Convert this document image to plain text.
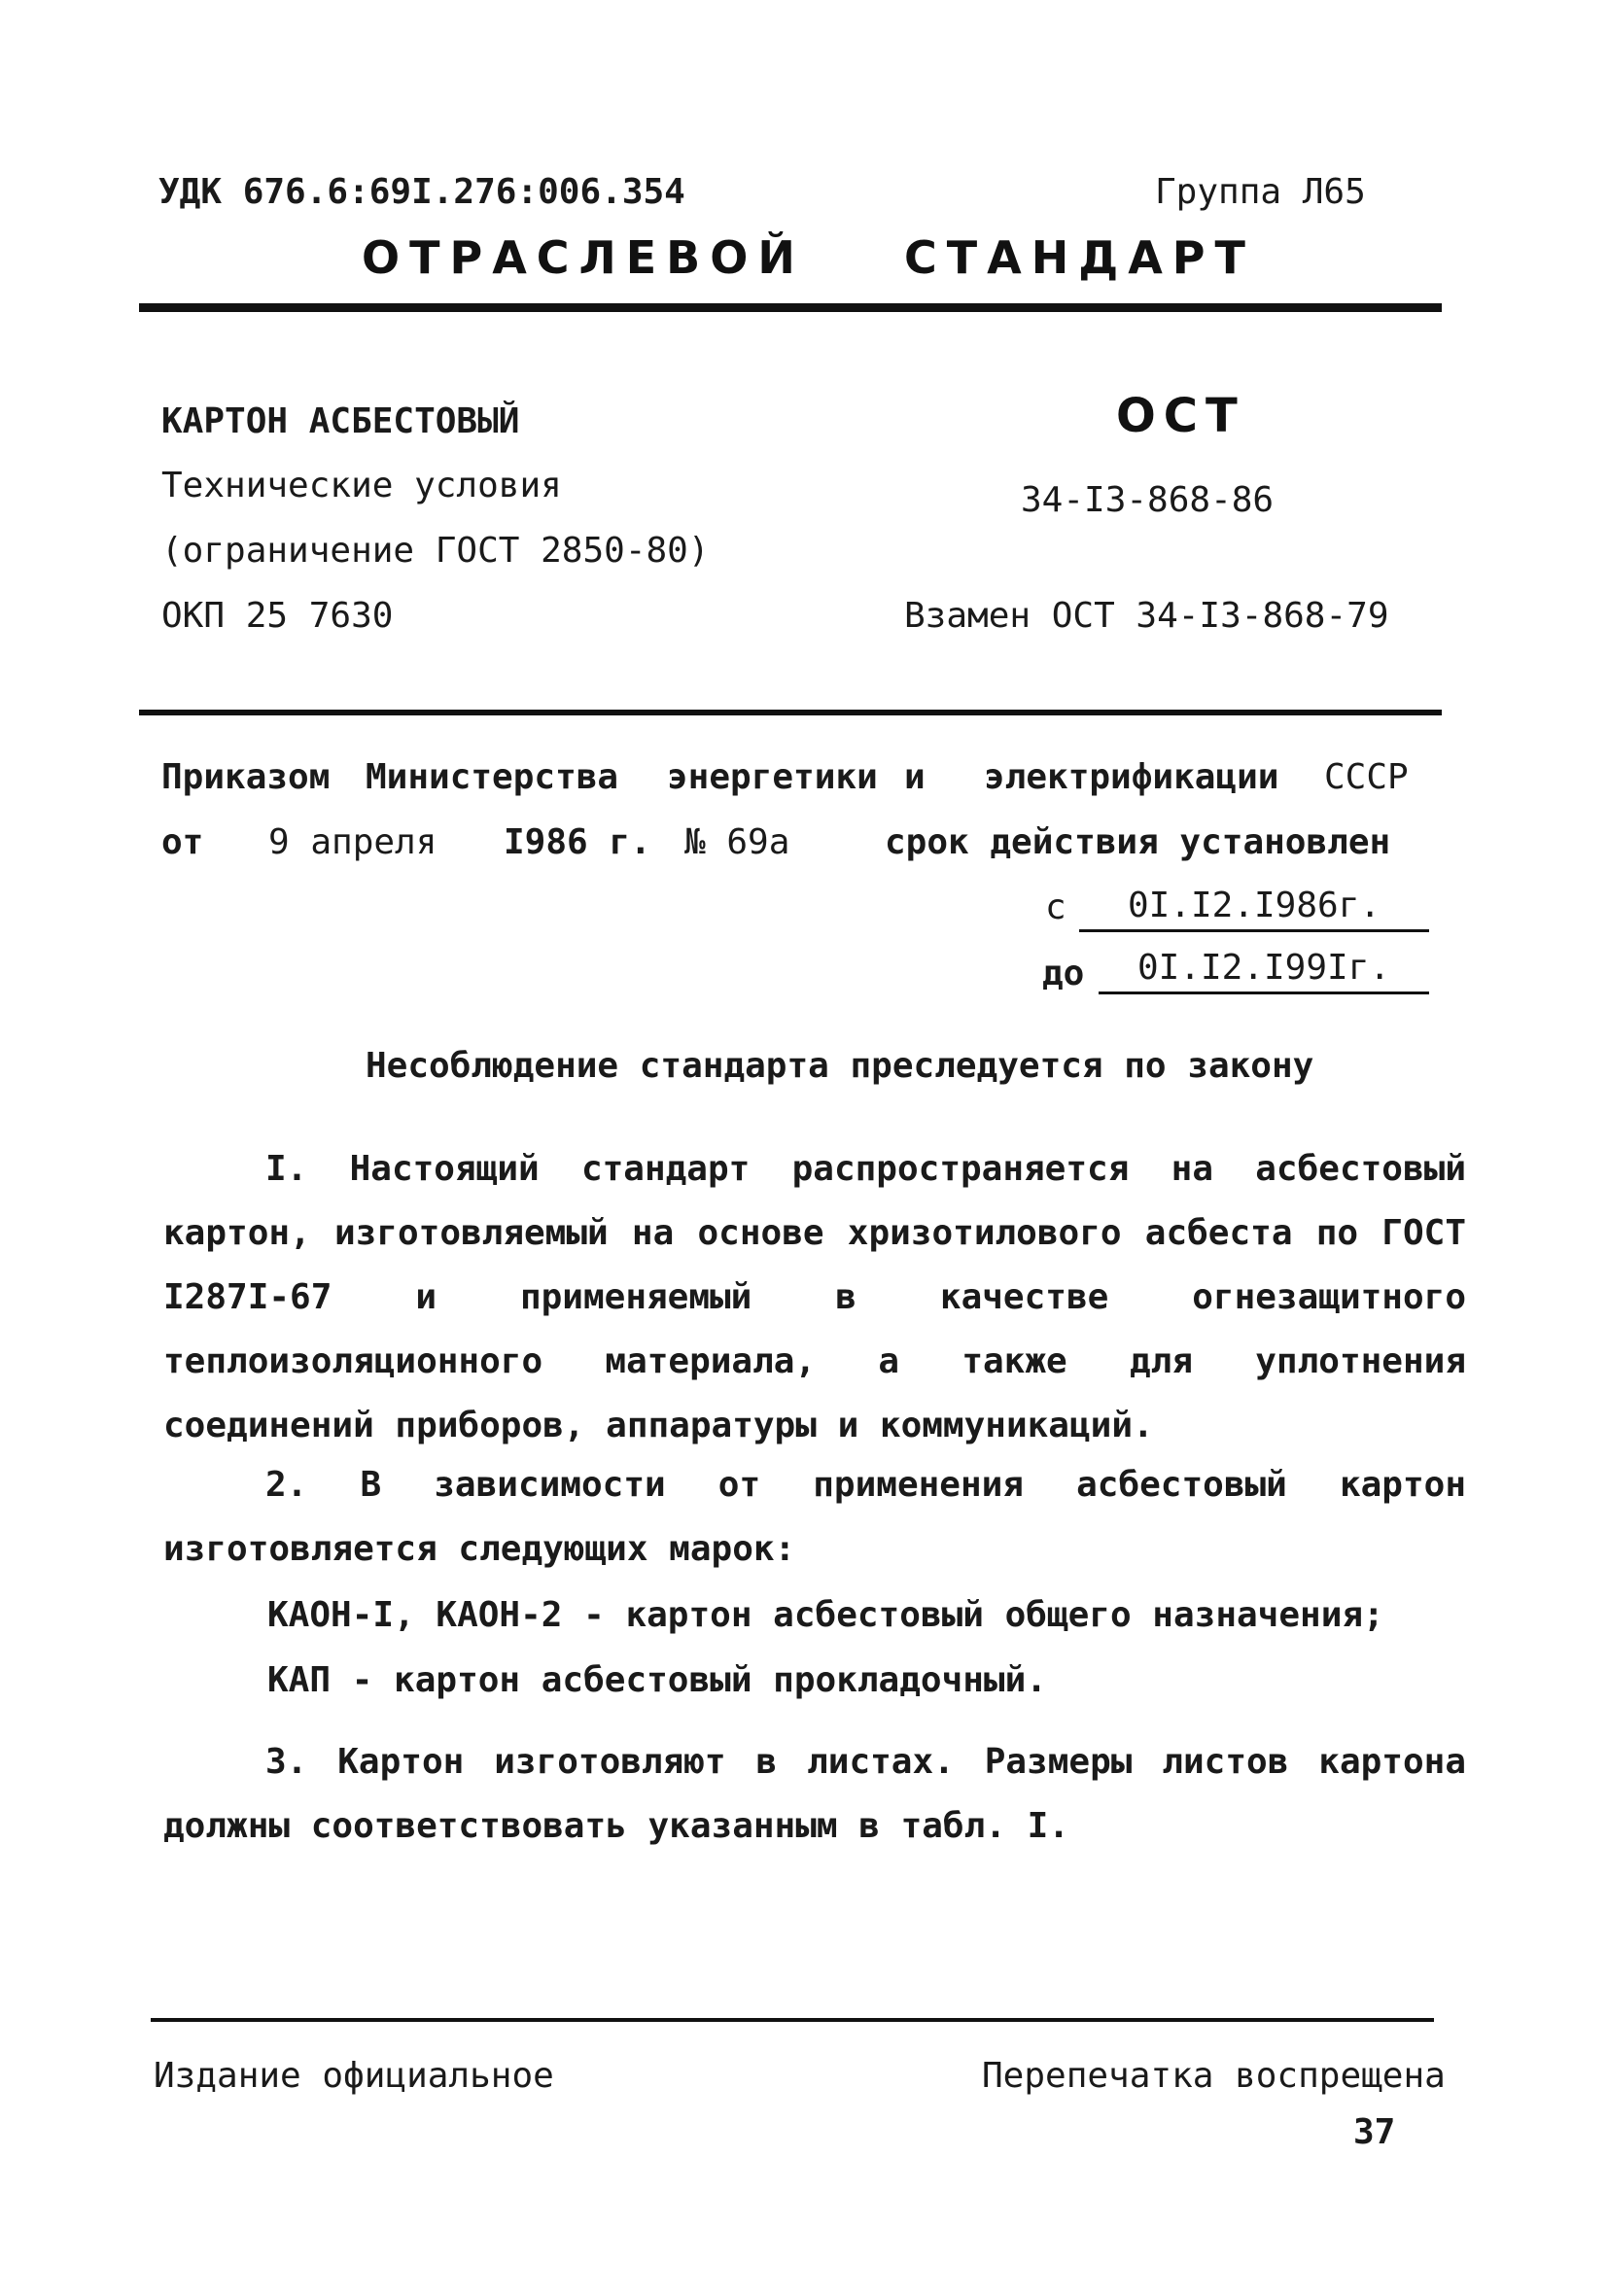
УДК 676.6:69I.276:006.354	Группа Л65
ОТРАСЛЕВОЙ СТАНДАРТ
КАРТОН АСБЕСТОВЫЙ
Технические условия
(ограничение ГОСТ 2850-80)
ОКП 25 7630
ОСТ
34-I3-868-86
Взамен ОСТ 34-I3-868-79
Приказом Министерства энергетики и электрификации СССР
от 9 апреля I986 г. № 69а	срок действия установлен
с	0I.I2.I986г.
до	0I.I2.I99Iг.
Несоблюдение стандарта преследуется по закону
I. Настоящий стандарт распространяется на асбестовый картон, изготовляемый на основе хризотилового асбеста по ГОСТ I287I-67 и применяемый в качестве огнезащитного теплоизоляционного материала, а также для уплотнения соединений приборов, аппаратуры и коммуникаций.
2. В зависимости от применения асбестовый картон изготовляется следующих марок:
КАОН-I, КАОН-2 - картон асбестовый общего назначения;
КАП - картон асбестовый прокладочный.
3. Картон изготовляют в листах. Размеры листов картона должны соответствовать указанным в табл. I.
Издание официальное	Перепечатка воспрещена
37
